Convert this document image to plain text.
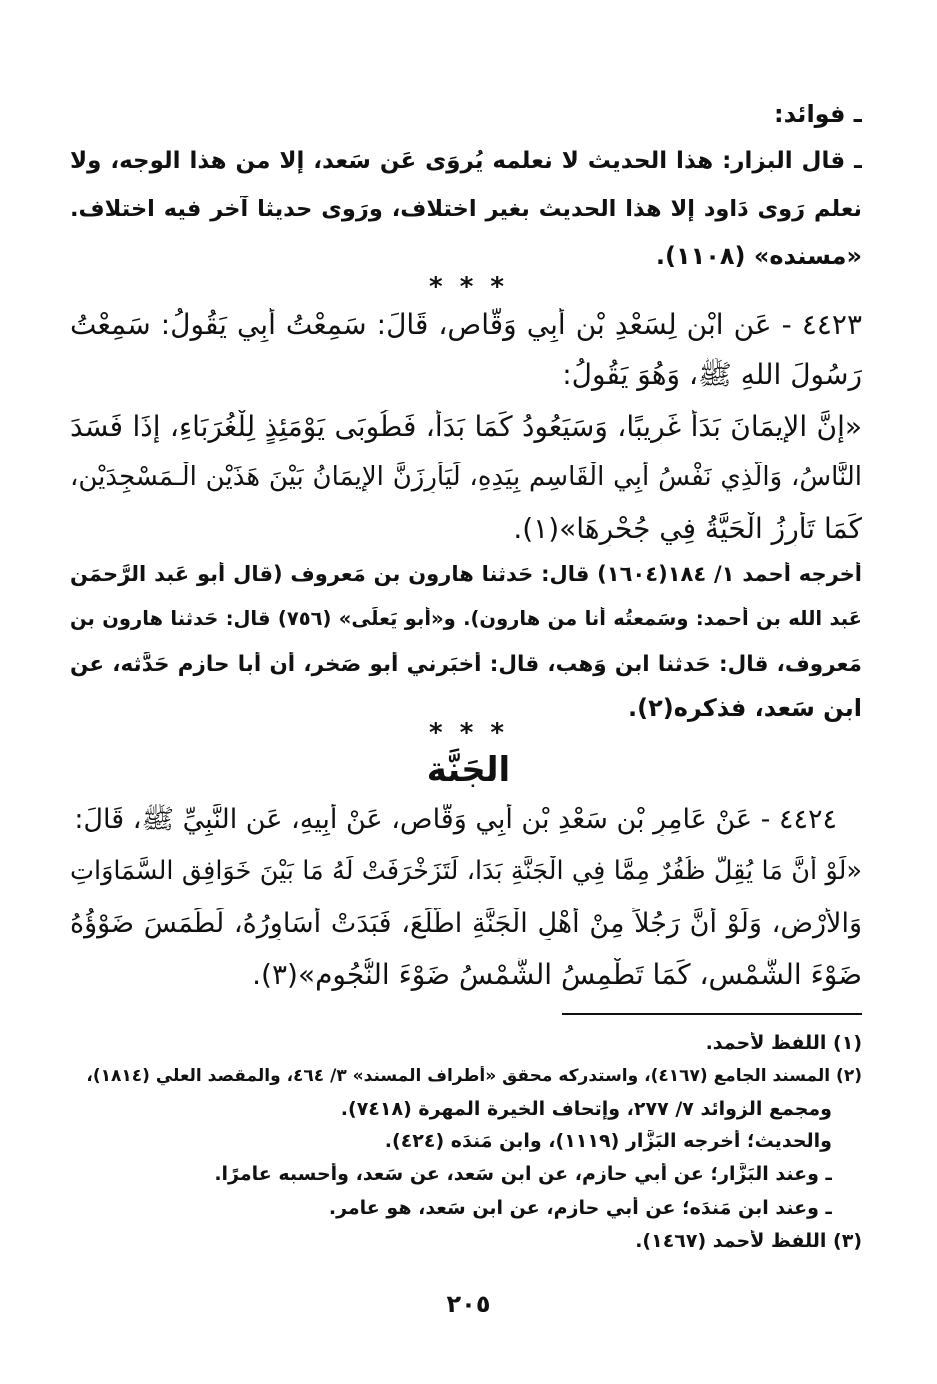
ـ فوائد:
ـ قال البزار: هذا الحديث لا نعلمه يُروَى عَن سَعد، إلا من هذا الوجه، ولا
نعلم رَوى دَاود إلا هذا الحديث بغير اختلاف، ورَوى حديثا آخر فيه اختلاف.
«مسنده» (١١٠٨).
* * *
٤٤٢٣ - عَنِ ابْنٍ لِسَعْدِ بْنِ أَبِي وَقَّاصٍ، قَالَ: سَمِعْتُ أَبِي يَقُولُ: سَمِعْتُ
رَسُولَ اللهِ ﷺ، وَهُوَ يَقُولُ:
«إِنَّ الإِيمَانَ بَدَأَ غَرِيبًا، وَسَيَعُودُ كَمَا بَدَأَ، فَطُوبَى يَوْمَئِذٍ لِلْغُرَبَاءِ، إِذَا فَسَدَ
النَّاسُ، وَالَّذِي نَفْسُ أَبِي الْقَاسِمِ بِيَدِهِ، لَيَأْرِزَنَّ الإِيمَانُ بَيْنَ هَذَيْنِ الْـمَسْجِدَيْنِ،
كَمَا تَأْرِزُ الْحَيَّةُ فِي جُحْرِهَا»(١).
أخرجه أحمد ١/ ١٨٤(١٦٠٤) قال: حَدثنا هارون بن مَعروف (قال أَبو عَبد الرَّحمَن
عَبد الله بن أَحمد: وسَمعتُه أنا من هارون). و«أَبو يَعلَى» (٧٥٦) قال: حَدثنا هارون بن
مَعروف، قال: حَدثنا ابن وَهب، قال: أَخبَرني أَبو صَخر، أَن أَبا حازم حَدَّثه، عن
ابن سَعد، فذكره(٢).
* * *
الجَنَّة
٤٤٢٤ - عَنْ عَامِرِ بْنِ سَعْدِ بْنِ أَبِي وَقَّاصٍ، عَنْ أَبِيهِ، عَنِ النَّبِيِّ ﷺ، قَالَ:
«لَوْ أَنَّ مَا يُقِلُّ ظُفُرٌ مِمَّا فِي الْجَنَّةِ بَدَا، لَتَزَخْرَفَتْ لَهُ مَا بَيْنَ خَوَافِقِ السَّمَاوَاتِ
وَالأَرْضِ، وَلَوْ أَنَّ رَجُلاً مِنْ أَهْلِ الْجَنَّةِ اطَّلَعَ، فَبَدَتْ أَسَاوِرُهُ، لَطَمَسَ ضَوْؤُهُ
ضَوْءَ الشَّمْسِ، كَمَا تَطْمِسُ الشَّمْسُ ضَوْءَ النُّجُومِ»(٣).
(١) اللفظ لأحمد.
(٢) المسند الجامع (٤١٦٧)، واستدركه محقق «أطراف المسند» ٣/ ٤٦٤، والمقصد العلي (١٨١٤)،
ومجمع الزوائد ٧/ ٢٧٧، وإتحاف الخيرة المهرة (٧٤١٨).
والحديث؛ أخرجه البَزَّار (١١١٩)، وابن مَندَه (٤٢٤).
ـ وعند البَزَّار؛ عن أَبي حازم، عن ابن سَعد، عن سَعد، وأحسبه عامرًا.
ـ وعند ابن مَندَه؛ عن أَبي حازم، عن ابن سَعد، هو عامر.
(٣) اللفظ لأحمد (١٤٦٧).
٢٠٥
